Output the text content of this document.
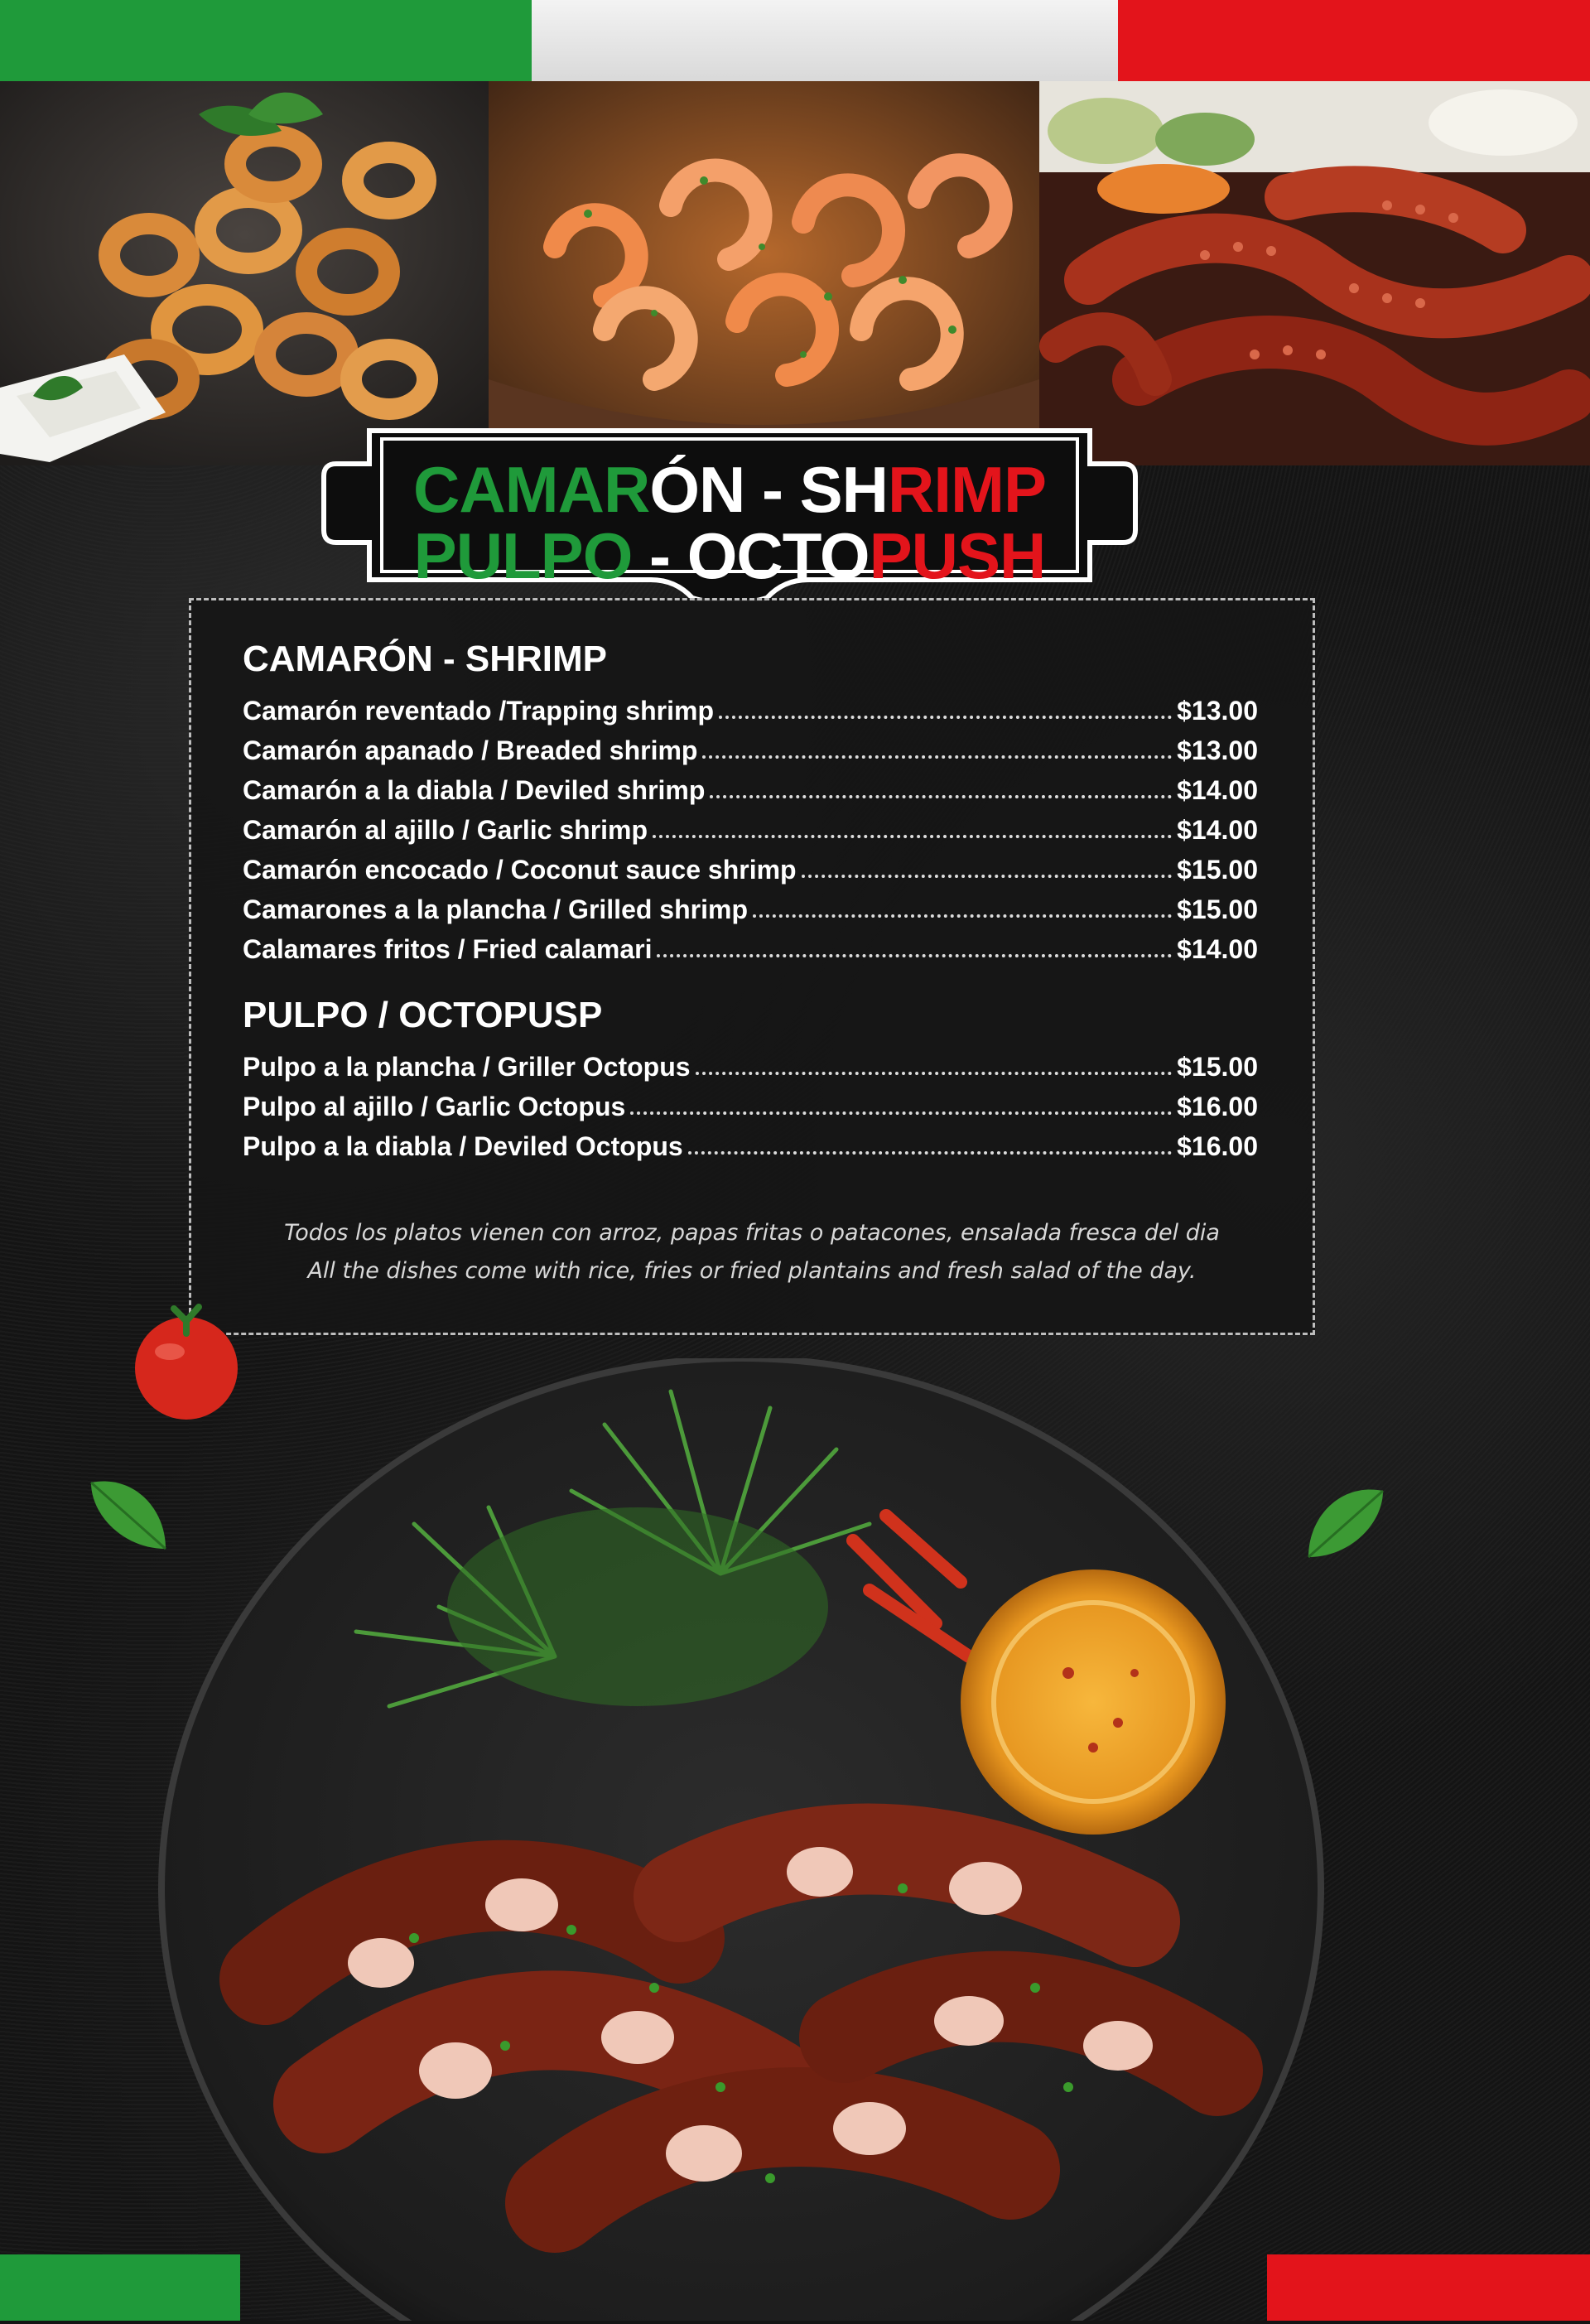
CAMARÓN - SHRIMP
PULPO - OCTOPUSH
CAMARÓN - SHRIMP
Camarón reventado /Trapping shrimp	$13.00
Camarón apanado / Breaded shrimp	$13.00
Camarón a la diabla / Deviled shrimp	$14.00
Camarón al ajillo / Garlic shrimp	$14.00
Camarón encocado / Coconut sauce shrimp	$15.00
Camarones a la plancha / Grilled shrimp	$15.00
Calamares fritos / Fried calamari	$14.00
PULPO / OCTOPUSP
Pulpo a la plancha / Griller Octopus	$15.00
Pulpo al ajillo / Garlic Octopus	$16.00
Pulpo a la diabla / Deviled Octopus	$16.00
Todos los platos vienen con arroz, papas fritas o patacones, ensalada fresca del dia
All the dishes come with rice, fries or fried plantains and fresh salad of the day.
